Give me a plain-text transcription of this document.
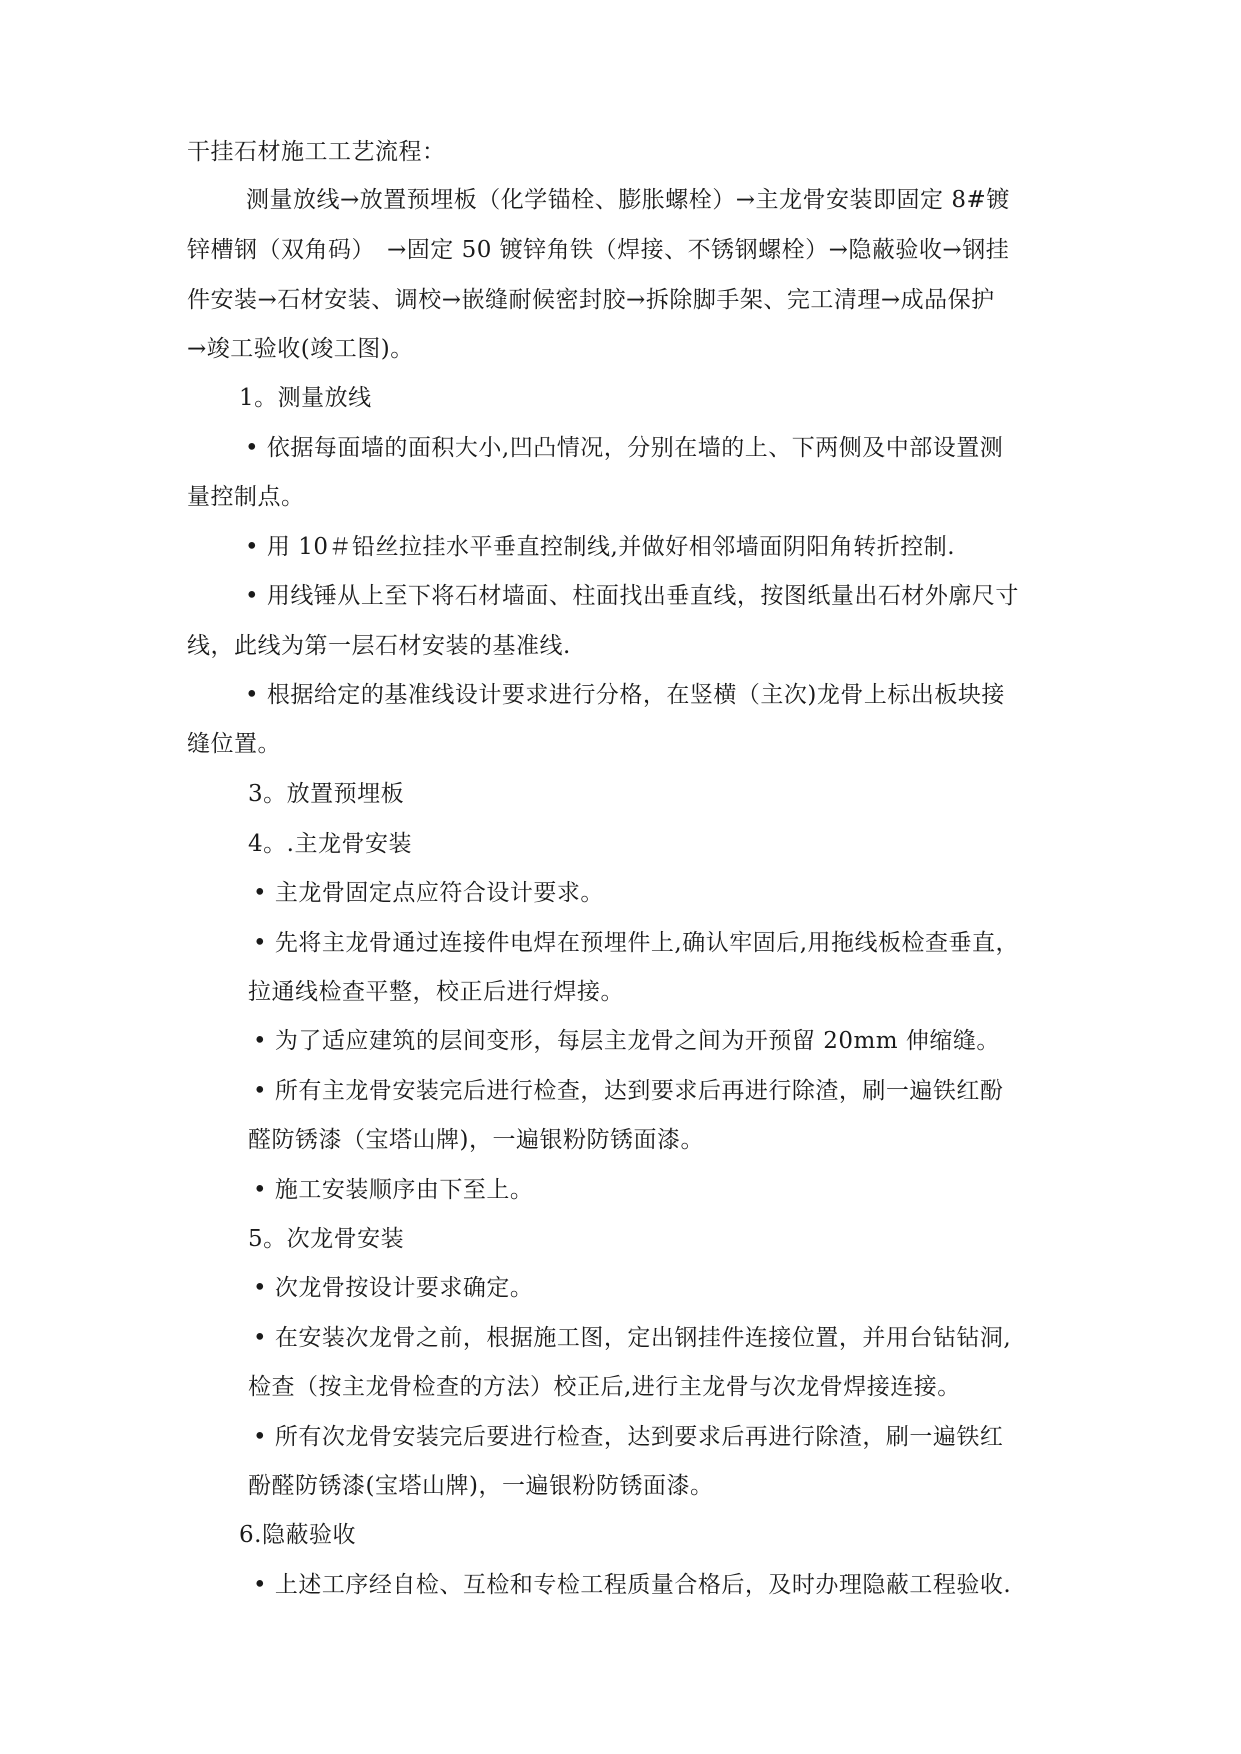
干挂石材施工工艺流程：
测量放线→放置预埋板（化学锚栓、膨胀螺栓）→主龙骨安装即固定 8#镀
锌槽钢（双角码）　→固定 50 镀锌角铁（焊接、不锈钢螺栓）→隐蔽验收→钢挂
件安装→石材安装、调校→嵌缝耐候密封胶→拆除脚手架、完工清理→成品保护
→竣工验收(竣工图)。
1。测量放线
• 依据每面墙的面积大小,凹凸情况，分别在墙的上、下两侧及中部设置测
量控制点。
• 用 10＃铅丝拉挂水平垂直控制线,并做好相邻墙面阴阳角转折控制.
• 用线锤从上至下将石材墙面、柱面找出垂直线，按图纸量出石材外廓尺寸
线，此线为第一层石材安装的基准线.
• 根据给定的基准线设计要求进行分格，在竖横（主次)龙骨上标出板块接
缝位置。
3。放置预埋板
4。.主龙骨安装
• 主龙骨固定点应符合设计要求。
• 先将主龙骨通过连接件电焊在预埋件上,确认牢固后,用拖线板检查垂直，
拉通线检查平整，校正后进行焊接。
• 为了适应建筑的层间变形，每层主龙骨之间为开预留 20mm 伸缩缝。
• 所有主龙骨安装完后进行检查，达到要求后再进行除渣，刷一遍铁红酚
醛防锈漆（宝塔山牌)，一遍银粉防锈面漆。
• 施工安装顺序由下至上。
5。次龙骨安装
• 次龙骨按设计要求确定。
• 在安装次龙骨之前，根据施工图，定出钢挂件连接位置，并用台钻钻洞,
检查（按主龙骨检查的方法）校正后,进行主龙骨与次龙骨焊接连接。
• 所有次龙骨安装完后要进行检查，达到要求后再进行除渣，刷一遍铁红
酚醛防锈漆(宝塔山牌)，一遍银粉防锈面漆。
6.隐蔽验收
• 上述工序经自检、互检和专检工程质量合格后，及时办理隐蔽工程验收.
